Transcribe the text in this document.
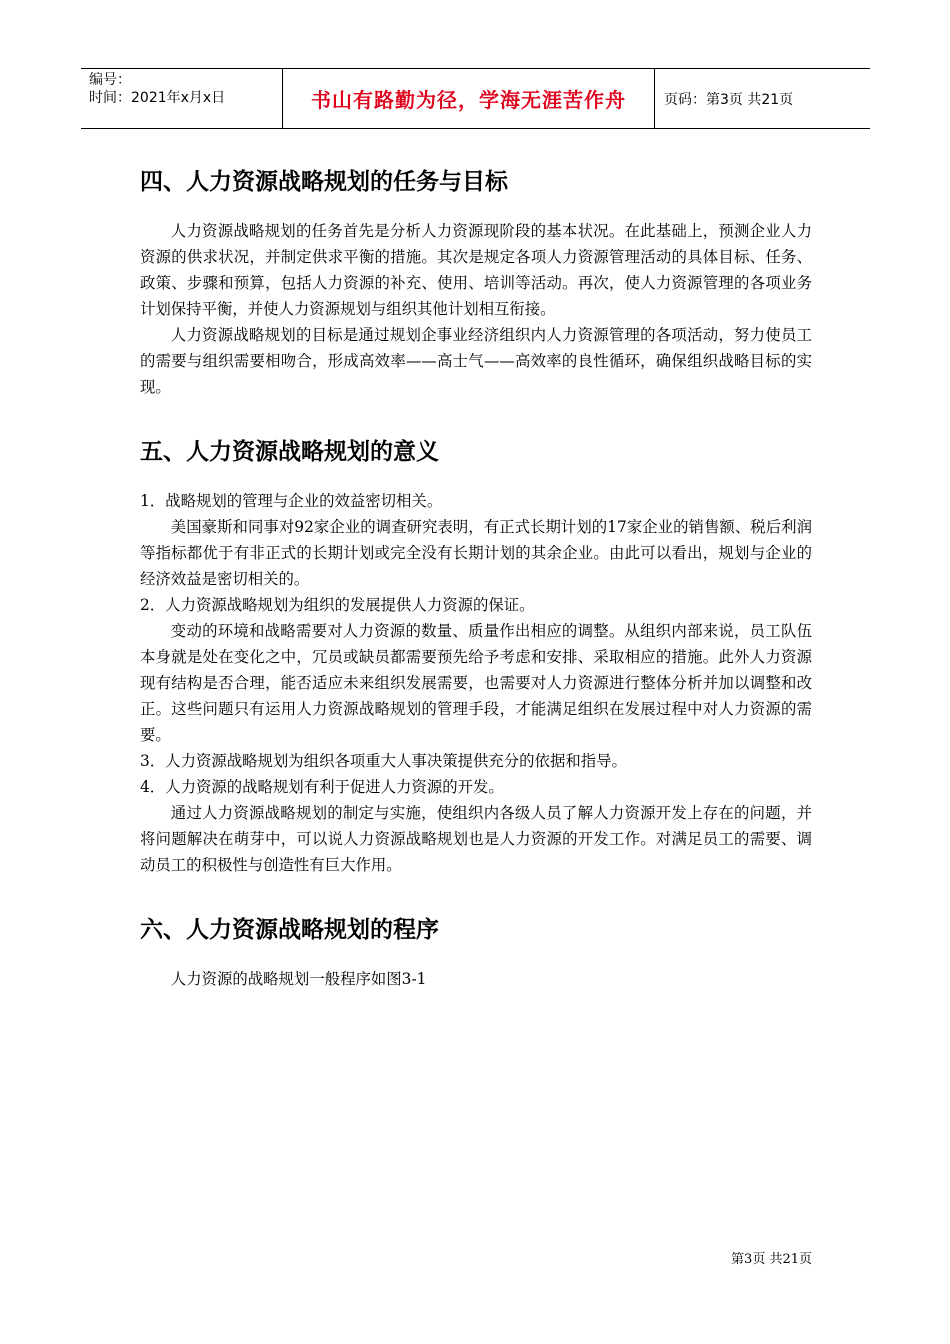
编号：
时间：2021年x月x日	书山有路勤为径，学海无涯苦作舟	页码：第3页 共21页
四、人力资源战略规划的任务与目标

人力资源战略规划的任务首先是分析人力资源现阶段的基本状况。在此基础上，预测企业人力资源的供求状况，并制定供求平衡的措施。其次是规定各项人力资源管理活动的具体目标、任务、政策、步骤和预算，包括人力资源的补充、使用、培训等活动。再次，使人力资源管理的各项业务计划保持平衡，并使人力资源规划与组织其他计划相互衔接。

人力资源战略规划的目标是通过规划企事业经济组织内人力资源管理的各项活动，努力使员工的需要与组织需要相吻合，形成高效率——高士气——高效率的良性循环，确保组织战略目标的实现。

五、人力资源战略规划的意义

1．战略规划的管理与企业的效益密切相关。

美国豪斯和同事对92家企业的调查研究表明，有正式长期计划的17家企业的销售额、税后利润等指标都优于有非正式的长期计划或完全没有长期计划的其余企业。由此可以看出，规划与企业的经济效益是密切相关的。

2．人力资源战略规划为组织的发展提供人力资源的保证。

变动的环境和战略需要对人力资源的数量、质量作出相应的调整。从组织内部来说，员工队伍本身就是处在变化之中，冗员或缺员都需要预先给予考虑和安排、采取相应的措施。此外人力资源现有结构是否合理，能否适应未来组织发展需要，也需要对人力资源进行整体分析并加以调整和改正。这些问题只有运用人力资源战略规划的管理手段，才能满足组织在发展过程中对人力资源的需要。

3．人力资源战略规划为组织各项重大人事决策提供充分的依据和指导。

4．人力资源的战略规划有利于促进人力资源的开发。

通过人力资源战略规划的制定与实施，使组织内各级人员了解人力资源开发上存在的问题，并将问题解决在萌芽中，可以说人力资源战略规划也是人力资源的开发工作。对满足员工的需要、调动员工的积极性与创造性有巨大作用。

六、人力资源战略规划的程序

人力资源的战略规划一般程序如图3-1

第3页 共21页
